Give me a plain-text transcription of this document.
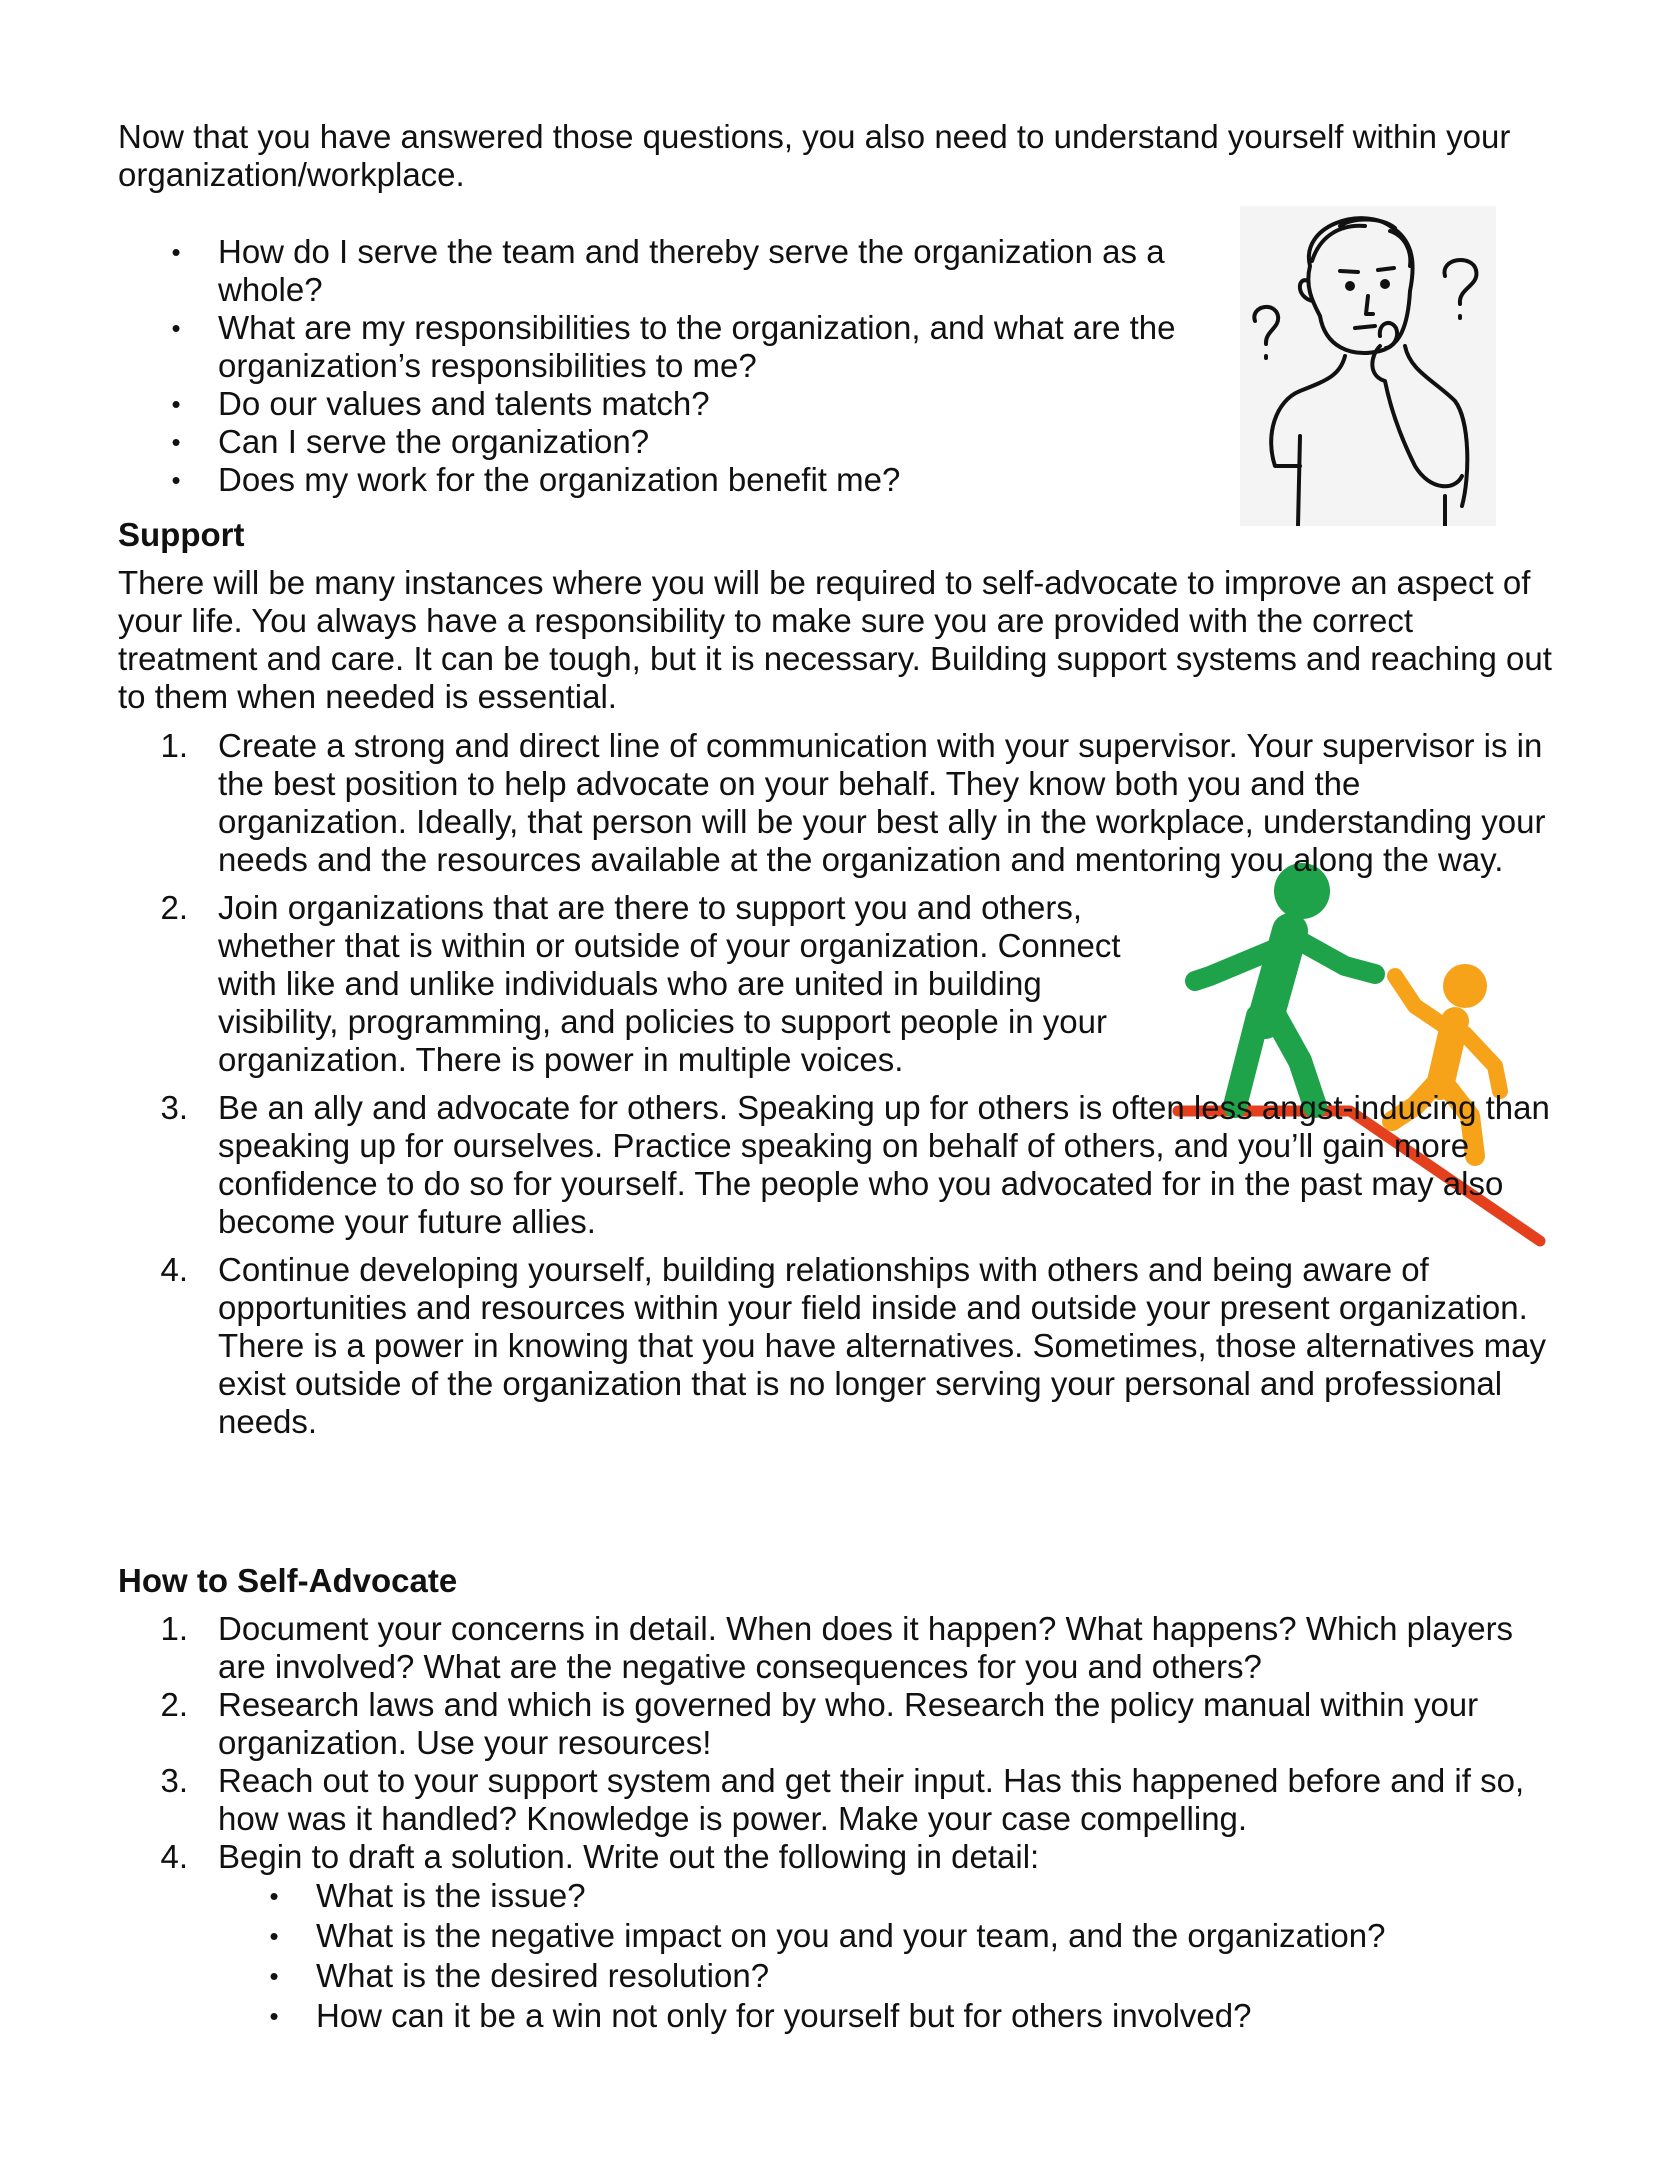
Now that you have answered those questions, you also need to understand yourself within your organization/workplace.

• How do I serve the team and thereby serve the organization as a whole?
• What are my responsibilities to the organization, and what are the organization’s responsibilities to me?
• Do our values and talents match?
• Can I serve the organization?
• Does my work for the organization benefit me?
Support

There will be many instances where you will be required to self-advocate to improve an aspect of your life. You always have a responsibility to make sure you are provided with the correct treatment and care. It can be tough, but it is necessary. Building support systems and reaching out to them when needed is essential.

1. Create a strong and direct line of communication with your supervisor. Your supervisor is in the best position to help advocate on your behalf. They know both you and the organization. Ideally, that person will be your best ally in the workplace, understanding your needs and the resources available at the organization and mentoring you along the way.
2. Join organizations that are there to support you and others, whether that is within or outside of your organization. Connect with like and unlike individuals who are united in building visibility, programming, and policies to support people in your organization. There is power in multiple voices.
3. Be an ally and advocate for others. Speaking up for others is often less angst-inducing than speaking up for ourselves. Practice speaking on behalf of others, and you’ll gain more confidence to do so for yourself. The people who you advocated for in the past may also become your future allies.
4. Continue developing yourself, building relationships with others and being aware of opportunities and resources within your field inside and outside your present organization. There is a power in knowing that you have alternatives. Sometimes, those alternatives may exist outside of the organization that is no longer serving your personal and professional needs.
How to Self-Advocate
1. Document your concerns in detail. When does it happen? What happens? Which players are involved? What are the negative consequences for you and others?
2. Research laws and which is governed by who. Research the policy manual within your organization. Use your resources!
3. Reach out to your support system and get their input. Has this happened before and if so, how was it handled? Knowledge is power. Make your case compelling.
4. Begin to draft a solution. Write out the following in detail:
• What is the issue?
• What is the negative impact on you and your team, and the organization?
• What is the desired resolution?
• How can it be a win not only for yourself but for others involved?
